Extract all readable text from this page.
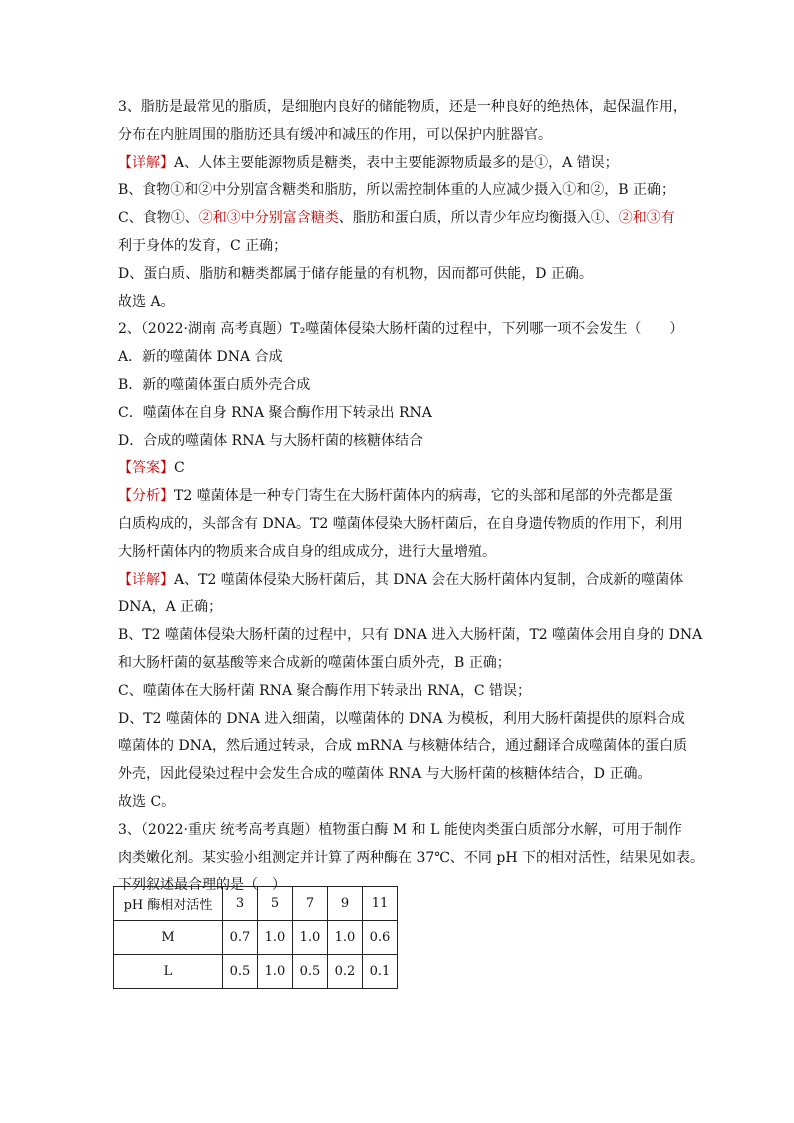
3、脂肪是最常见的脂质，是细胞内良好的储能物质，还是一种良好的绝热体，起保温作用，

分布在内脏周围的脂肪还具有缓冲和减压的作用，可以保护内脏器官。

【详解】A、人体主要能源物质是糖类，表中主要能源物质最多的是①，A 错误；

B、食物①和②中分别富含糖类和脂肪，所以需控制体重的人应减少摄入①和②，B 正确；

C、食物①、②和③中分别富含糖类、脂肪和蛋白质，所以青少年应均衡摄入①、②和③有

利于身体的发育，C 正确；

D、蛋白质、脂肪和糖类都属于储存能量的有机物，因而都可供能，D 正确。

故选 A。

2、（2022·湖南 高考真题）T₂噬菌体侵染大肠杆菌的过程中，下列哪一项不会发生（　　）

A．新的噬菌体 DNA 合成

B．新的噬菌体蛋白质外壳合成

C．噬菌体在自身 RNA 聚合酶作用下转录出 RNA

D．合成的噬菌体 RNA 与大肠杆菌的核糖体结合

【答案】C

【分析】T2 噬菌体是一种专门寄生在大肠杆菌体内的病毒，它的头部和尾部的外壳都是蛋

白质构成的，头部含有 DNA。T2 噬菌体侵染大肠杆菌后，在自身遗传物质的作用下，利用

大肠杆菌体内的物质来合成自身的组成成分，进行大量增殖。

【详解】A、T2 噬菌体侵染大肠杆菌后，其 DNA 会在大肠杆菌体内复制，合成新的噬菌体

DNA，A 正确；

B、T2 噬菌体侵染大肠杆菌的过程中，只有 DNA 进入大肠杆菌，T2 噬菌体会用自身的 DNA

和大肠杆菌的氨基酸等来合成新的噬菌体蛋白质外壳，B 正确；

C、噬菌体在大肠杆菌 RNA 聚合酶作用下转录出 RNA，C 错误；

D、T2 噬菌体的 DNA 进入细菌，以噬菌体的 DNA 为模板，利用大肠杆菌提供的原料合成

噬菌体的 DNA，然后通过转录，合成 mRNA 与核糖体结合，通过翻译合成噬菌体的蛋白质

外壳，因此侵染过程中会发生合成的噬菌体 RNA 与大肠杆菌的核糖体结合，D 正确。

故选 C。

3、（2022·重庆 统考高考真题）植物蛋白酶 M 和 L 能使肉类蛋白质部分水解，可用于制作

肉类嫩化剂。某实验小组测定并计算了两种酶在 37℃、不同 pH 下的相对活性，结果见如表。

下列叙述最合理的是（　）

pH 酶相对活性	3	5	7	9	11
M	0.7	1.0	1.0	1.0	0.6
L	0.5	1.0	0.5	0.2	0.1
